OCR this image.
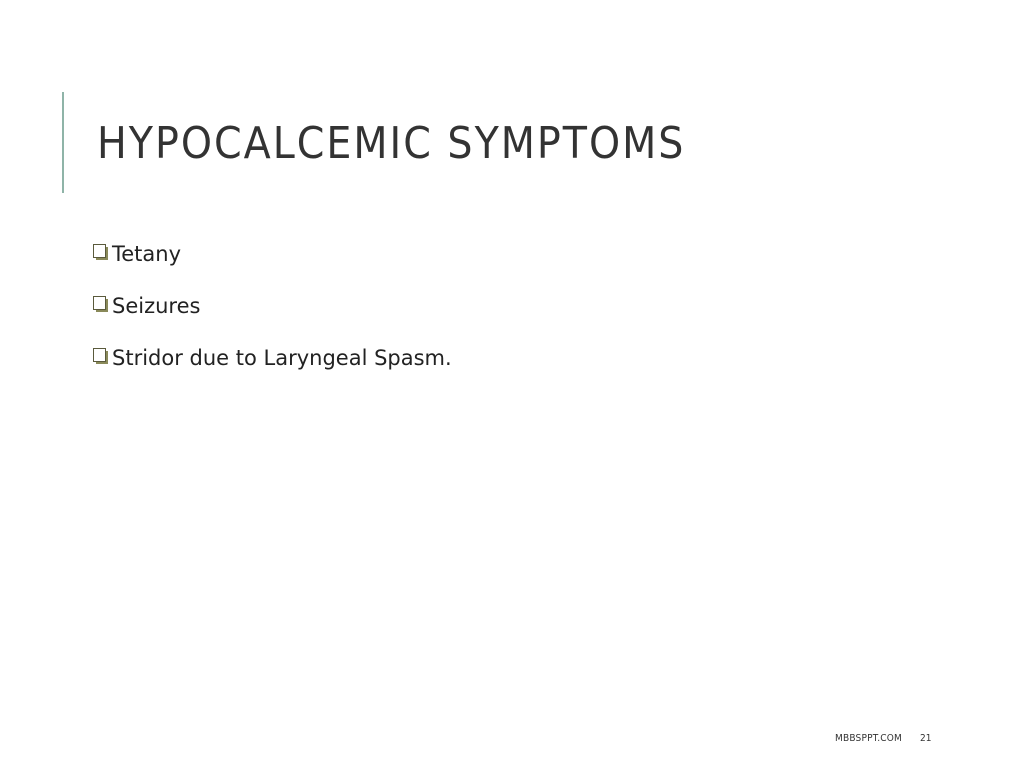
HYPOCALCEMIC SYMPTOMS
Tetany
Seizures
Stridor due to Laryngeal Spasm.
MBBSPPT.COM 21
